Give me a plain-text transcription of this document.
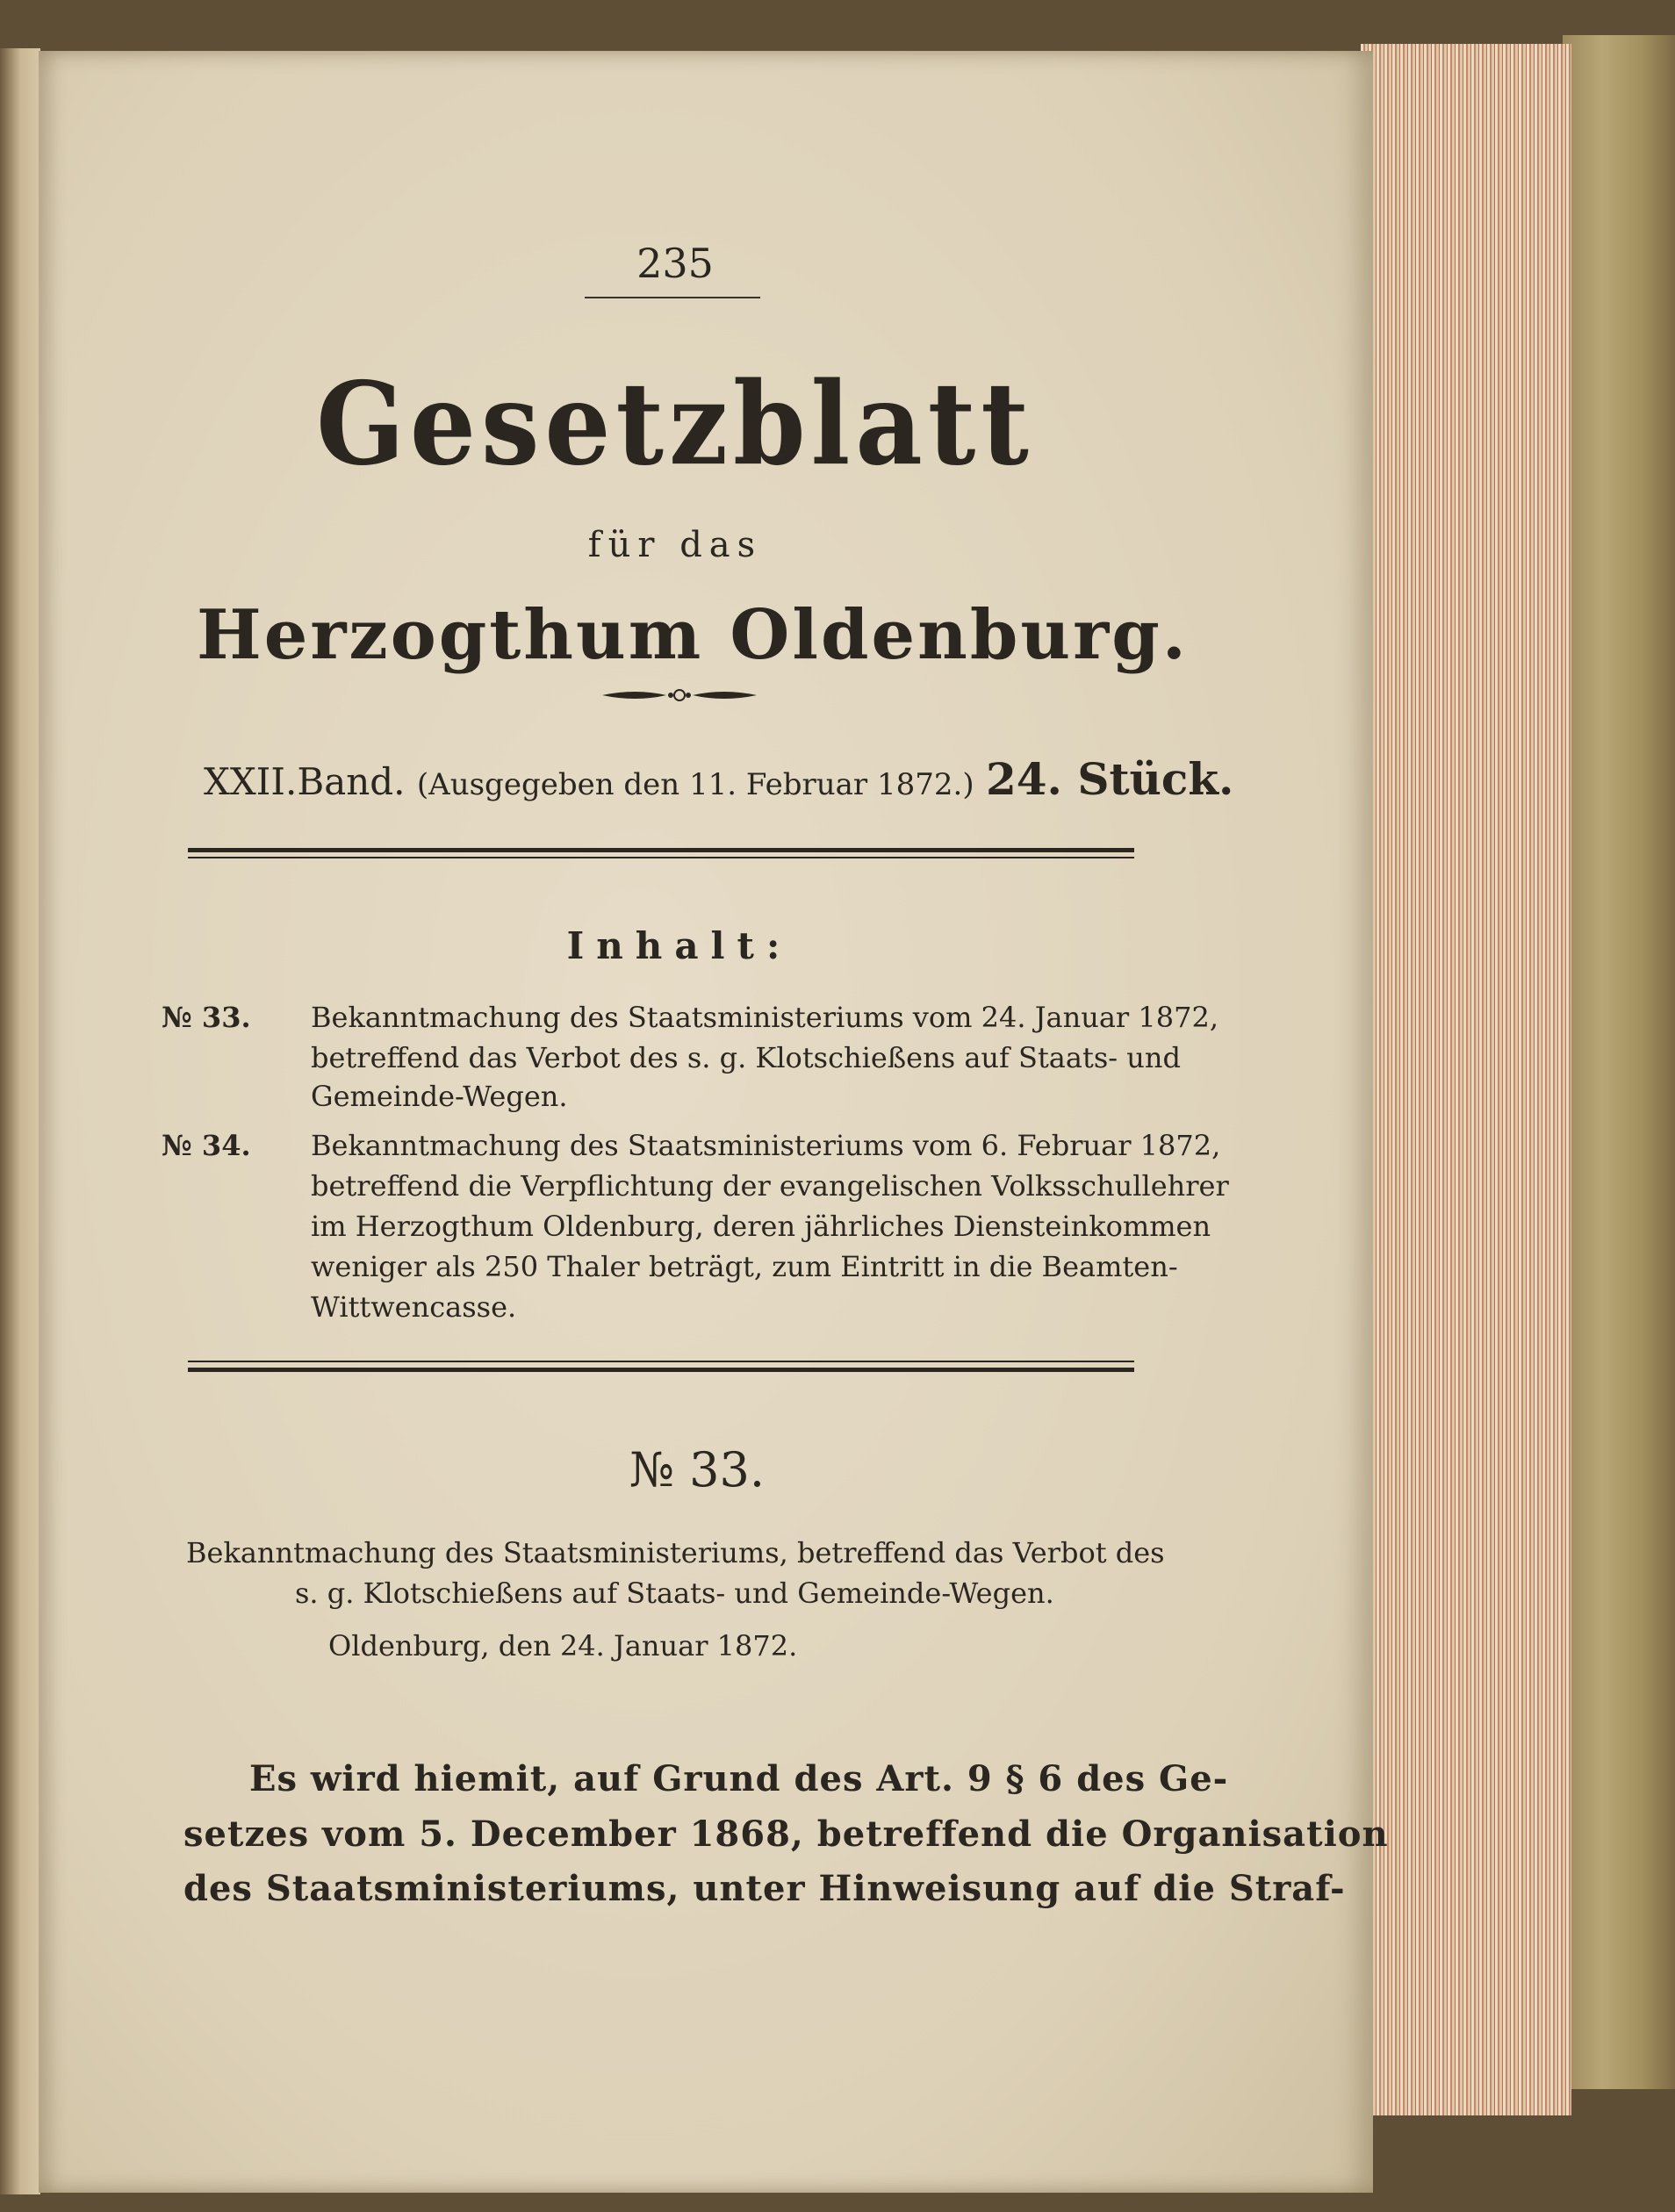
235
Gesetzblatt
für das
Herzogthum Oldenburg.
XXII.Band. (Ausgegeben den 11. Februar 1872.) 24. Stück.
Inhalt:
№ 33. Bekanntmachung des Staatsministeriums vom 24. Januar 1872,
betreffend das Verbot des s. g. Klotschießens auf Staats- und
Gemeinde-Wegen.
№ 34. Bekanntmachung des Staatsministeriums vom 6. Februar 1872,
betreffend die Verpflichtung der evangelischen Volksschullehrer
im Herzogthum Oldenburg, deren jährliches Diensteinkommen
weniger als 250 Thaler beträgt, zum Eintritt in die Beamten-
Wittwencasse.
№ 33.
Bekanntmachung des Staatsministeriums, betreffend das Verbot des
s. g. Klotschießens auf Staats- und Gemeinde-Wegen.
Oldenburg, den 24. Januar 1872.
Es wird hiemit, auf Grund des Art. 9 § 6 des Ge-
setzes vom 5. December 1868, betreffend die Organisation
des Staatsministeriums, unter Hinweisung auf die Straf-
